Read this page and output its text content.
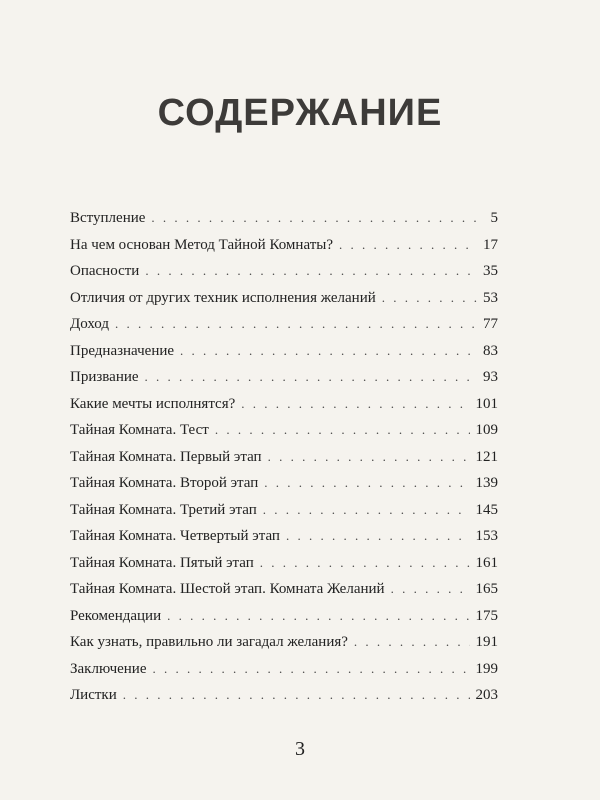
СОДЕРЖАНИЕ
Вступление . . .	5
На чем основан Метод Тайной Комнаты? . . .	17
Опасности . . .	35
Отличия от других техник исполнения желаний . . .	53
Доход . . .	77
Предназначение . . .	83
Призвание . . .	93
Какие мечты исполнятся? . . .	101
Тайная Комната. Тест . . .	109
Тайная Комната. Первый этап . . .	121
Тайная Комната. Второй этап . . .	139
Тайная Комната. Третий этап . . .	145
Тайная Комната. Четвертый этап . . .	153
Тайная Комната. Пятый этап . . .	161
Тайная Комната. Шестой этап. Комната Желаний . . .	165
Рекомендации . . .	175
Как узнать, правильно ли загадал желания? . . .	191
Заключение . . .	199
Листки . . .	203
3
